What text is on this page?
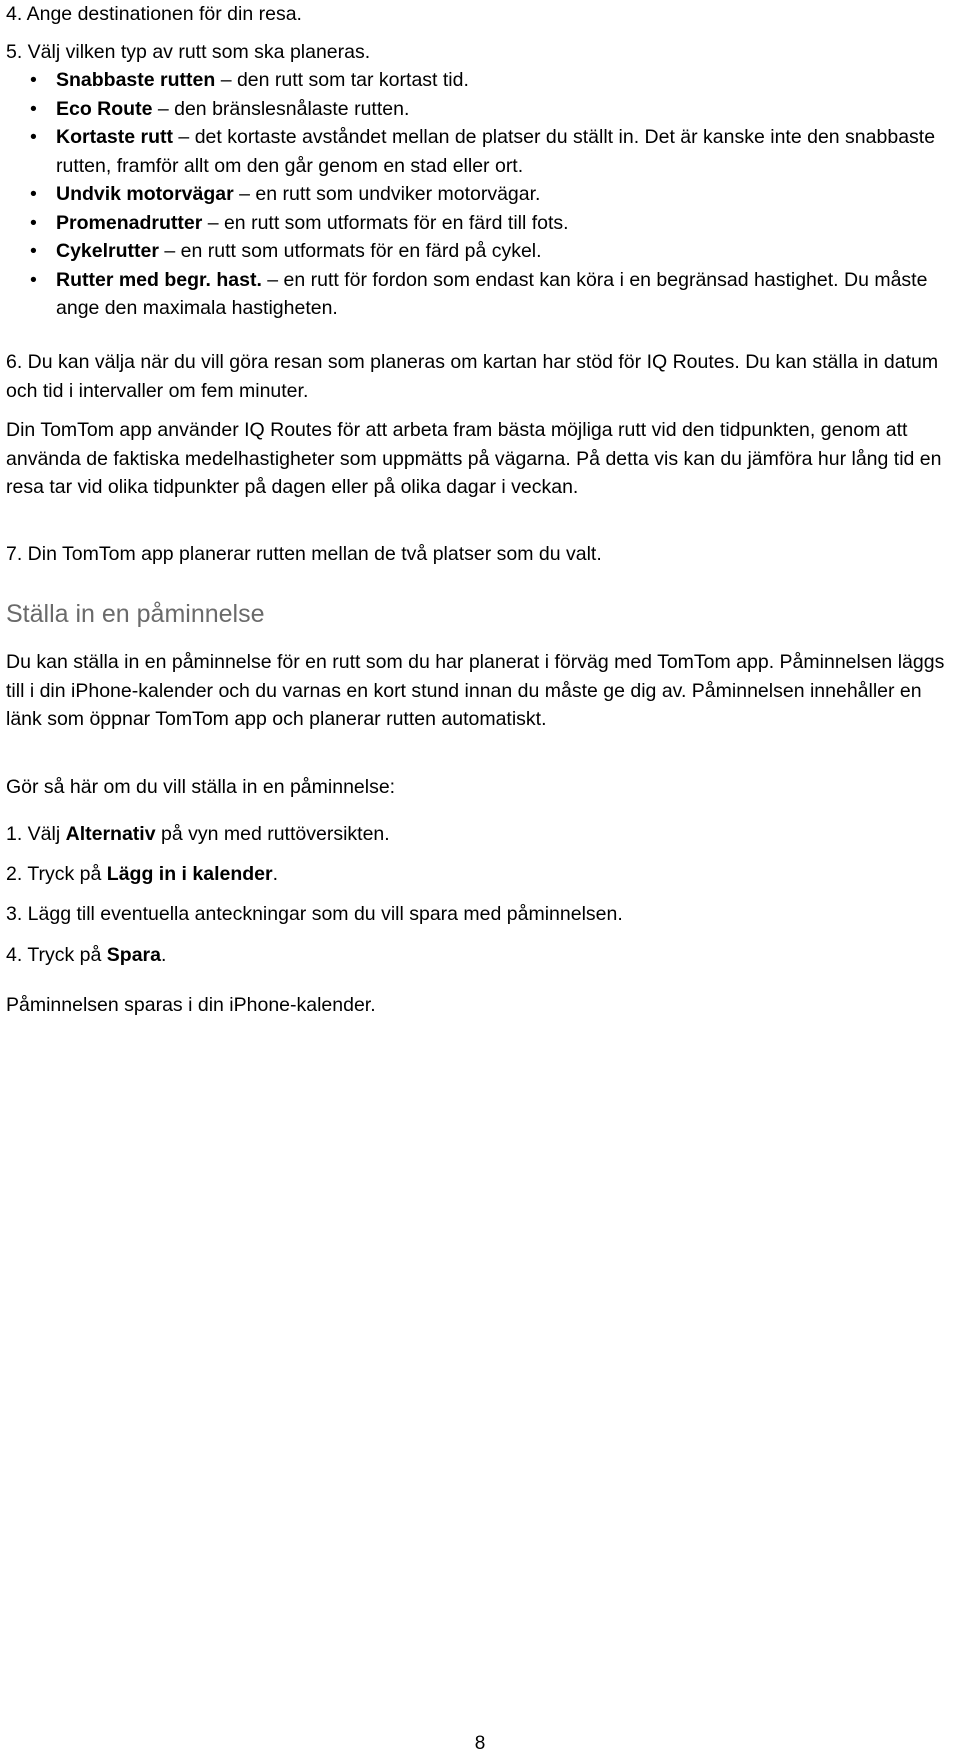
4. Ange destinationen för din resa.

5. Välj vilken typ av rutt som ska planeras.

• Snabbaste rutten – den rutt som tar kortast tid.
• Eco Route – den bränslesnålaste rutten.
• Kortaste rutt – det kortaste avståndet mellan de platser du ställt in. Det är kanske inte den snabbaste rutten, framför allt om den går genom en stad eller ort.
• Undvik motorvägar – en rutt som undviker motorvägar.
• Promenadrutter – en rutt som utformats för en färd till fots.
• Cykelrutter – en rutt som utformats för en färd på cykel.
• Rutter med begr. hast. – en rutt för fordon som endast kan köra i en begränsad hastighet. Du måste ange den maximala hastigheten.

6. Du kan välja när du vill göra resan som planeras om kartan har stöd för IQ Routes. Du kan ställa in datum och tid i intervaller om fem minuter.

Din TomTom app använder IQ Routes för att arbeta fram bästa möjliga rutt vid den tidpunkten, genom att använda de faktiska medelhastigheter som uppmätts på vägarna. På detta vis kan du jämföra hur lång tid en resa tar vid olika tidpunkter på dagen eller på olika dagar i veckan.

7. Din TomTom app planerar rutten mellan de två platser som du valt.

Ställa in en påminnelse

Du kan ställa in en påminnelse för en rutt som du har planerat i förväg med TomTom app. Påminnelsen läggs till i din iPhone-kalender och du varnas en kort stund innan du måste ge dig av. Påminnelsen innehåller en länk som öppnar TomTom app och planerar rutten automatiskt.

Gör så här om du vill ställa in en påminnelse:

1. Välj Alternativ på vyn med ruttöversikten.

2. Tryck på Lägg in i kalender.

3. Lägg till eventuella anteckningar som du vill spara med påminnelsen.

4. Tryck på Spara.

Påminnelsen sparas i din iPhone-kalender.

8
